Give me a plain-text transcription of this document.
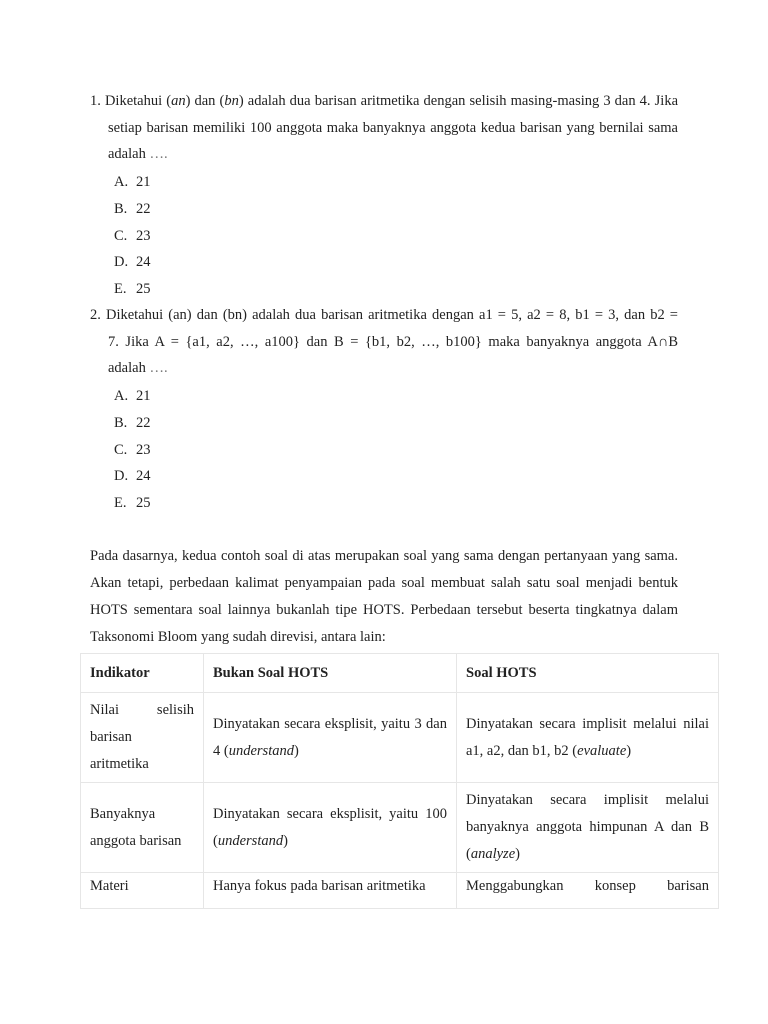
1. Diketahui (an) dan (bn) adalah dua barisan aritmetika dengan selisih masing-masing 3 dan 4. Jika setiap barisan memiliki 100 anggota maka banyaknya anggota kedua barisan yang bernilai sama adalah ….
A. 21
B. 22
C. 23
D. 24
E. 25
2. Diketahui (an) dan (bn) adalah dua barisan aritmetika dengan a1 = 5, a2 = 8, b1 = 3, dan b2 =
7. Jika A = {a1, a2, …, a100} dan B = {b1, b2, …, b100} maka banyaknya anggota A∩B
adalah ….
A. 21
B. 22
C. 23
D. 24
E. 25
Pada dasarnya, kedua contoh soal di atas merupakan soal yang sama dengan pertanyaan yang sama. Akan tetapi, perbedaan kalimat penyampaian pada soal membuat salah satu soal menjadi bentuk HOTS sementara soal lainnya bukanlah tipe HOTS. Perbedaan tersebut beserta tingkatnya dalam Taksonomi Bloom yang sudah direvisi, antara lain:
Indikator	Bukan Soal HOTS	Soal HOTS
Nilai selisih barisan aritmetika	Dinyatakan secara eksplisit, yaitu 3 dan 4 (understand)	Dinyatakan secara implisit melalui nilai a1, a2, dan b1, b2 (evaluate)
Banyaknya anggota barisan	Dinyatakan secara eksplisit, yaitu 100 (understand)	Dinyatakan secara implisit melalui banyaknya anggota himpunan A dan B (analyze)
Materi	Hanya fokus pada barisan aritmetika	Menggabungkan konsep barisan
